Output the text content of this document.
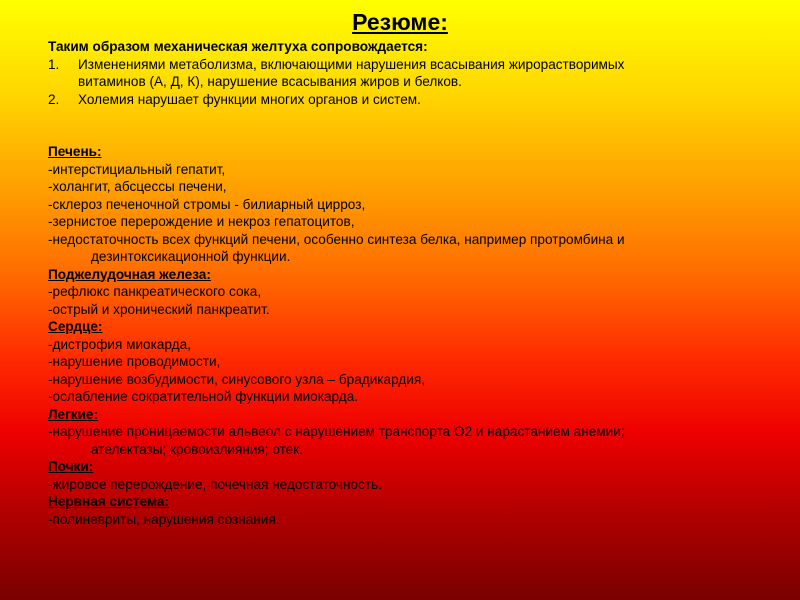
Резюме:
Таким образом механическая желтуха сопровождается:
1.	Изменениями метаболизма, включающими нарушения всасывания жирорастворимых
витаминов (А, Д, К), нарушение всасывания жиров и белков.
2.	Холемия нарушает функции многих органов и систем.
Печень:
-интерстициальный гепатит,
-холангит, абсцессы печени,
-склероз печеночной стромы - билиарный цирроз,
-зернистое перерождение и некроз гепатоцитов,
-недостаточность всех функций печени, особенно синтеза белка, например протромбина и
дезинтоксикационной функции.
Поджелудочная железа:
-рефлюкс панкреатического сока,
-острый и хронический панкреатит.
Сердце:
-дистрофия миокарда,
-нарушение проводимости,
-нарушение возбудимости, синусового узла – брадикардия,
-ослабление сократительной функции миокарда.
Легкие:
-нарушение проницаемости альвеол с нарушением транспорта О2 и нарастанием анемии;
ателектазы; кровоизлияния; отек.
Почки:
-жировое перерождение, почечная недостаточность.
Нервная система:
-полиневриты, нарушения сознания.
